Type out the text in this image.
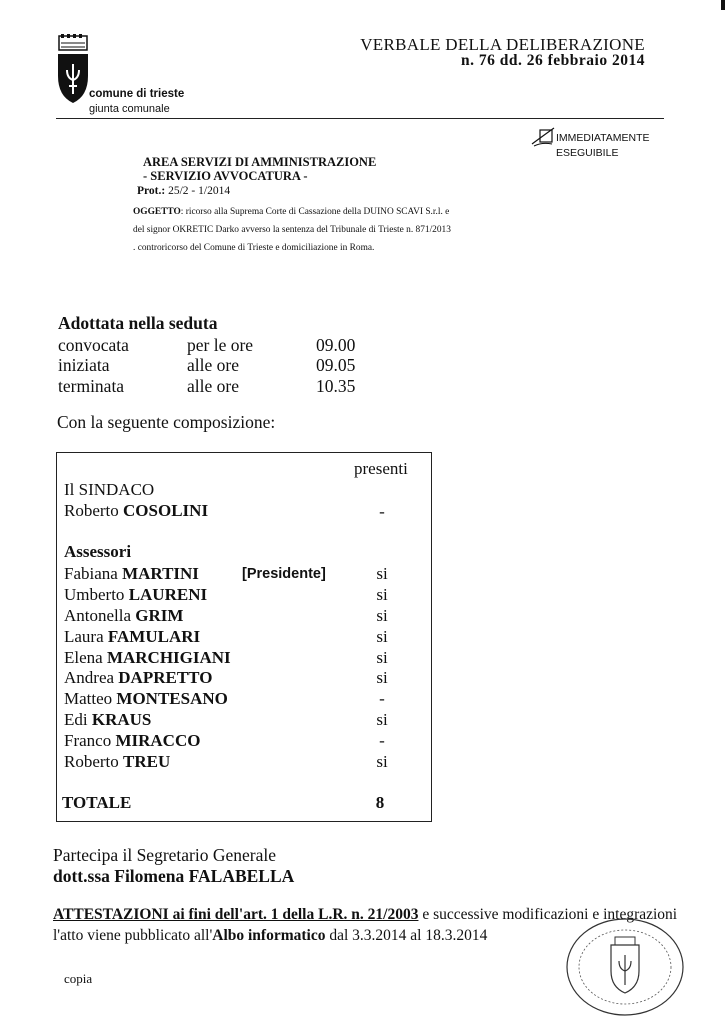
comune di trieste
giunta comunale
VERBALE DELLA DELIBERAZIONE
n. 76 dd. 26 febbraio 2014
IMMEDIATAMENTE
ESEGUIBILE
AREA SERVIZI DI AMMINISTRAZIONE
- SERVIZIO AVVOCATURA -
Prot.: 25/2 - 1/2014
OGGETTO: ricorso alla Suprema Corte di Cassazione della DUINO SCAVI S.r.l. e
del signor OKRETIC Darko avverso la sentenza del Tribunale di Trieste n. 871/2013
. controricorso del Comune di Trieste e domiciliazione in Roma.
Adottata nella seduta
convocata	per le ore	09.00
iniziata	alle ore	09.05
terminata	alle ore	10.35
Con la seguente composizione:
presenti
Il SINDACO
Roberto COSOLINI	-
Assessori
Fabiana MARTINI	[Presidente]	si
Umberto LAURENI	si
Antonella GRIM	si
Laura FAMULARI	si
Elena MARCHIGIANI	si
Andrea DAPRETTO	si
Matteo MONTESANO	-
Edi KRAUS	si
Franco MIRACCO	-
Roberto TREU	si
TOTALE	8
Partecipa il Segretario Generale
dott.ssa Filomena FALABELLA
ATTESTAZIONI ai fini dell'art. 1 della L.R. n. 21/2003 e successive modificazioni e integrazioni
l'atto viene pubblicato all'Albo informatico dal 3.3.2014 al 18.3.2014
copia
